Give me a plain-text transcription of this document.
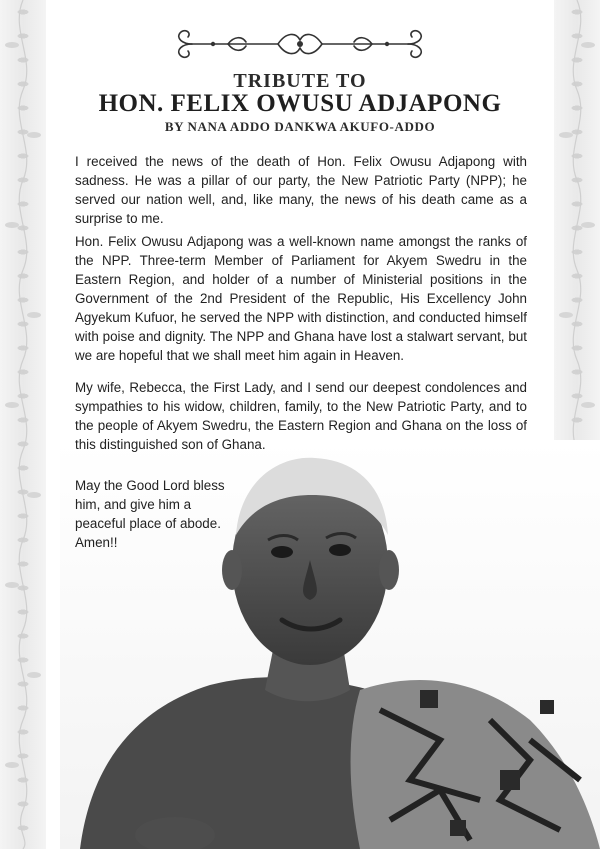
TRIBUTE TO
HON. FELIX OWUSU ADJAPONG
BY NANA ADDO DANKWA AKUFO-ADDO

I received the news of the death of Hon. Felix Owusu Adjapong with sadness. He was a pillar of our party, the New Patriotic Party (NPP); he served our nation well, and, like many, the news of his death came as a surprise to me.

Hon. Felix Owusu Adjapong was a well-known name amongst the ranks of the NPP. Three-term Member of Parliament for Akyem Swedru in the Eastern Region, and holder of a number of Ministerial positions in the Government of the 2nd President of the Republic, His Excellency John Agyekum Kufuor, he served the NPP with distinction, and conducted himself with poise and dignity. The NPP and Ghana have lost a stalwart servant, but we are hopeful that we shall meet him again in Heaven.

My wife, Rebecca, the First Lady, and I send our deepest condolences and sympathies to his widow, children, family, to the New Patriotic Party, and to the people of Akyem Swedru, the Eastern Region and Ghana on the loss of this distinguished son of Ghana.

May the Good Lord bless him, and give him a peaceful place of abode. Amen!!
